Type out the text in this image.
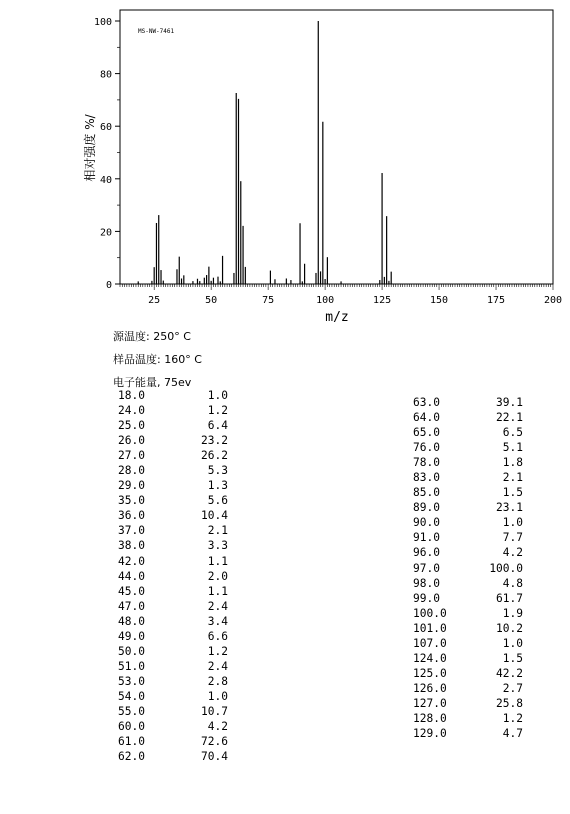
MS-NW-7461
25	50	75	100	125	150	175	200
0
20
40
60
80
100
m/z
相对强度 %/
源温度: 250° C
样品温度: 160° C
电子能量, 75ev
18.0	1.0
24.0	1.2
25.0	6.4
26.0	23.2
27.0	26.2
28.0	5.3
29.0	1.3
35.0	5.6
36.0	10.4
37.0	2.1
38.0	3.3
42.0	1.1
44.0	2.0
45.0	1.1
47.0	2.4
48.0	3.4
49.0	6.6
50.0	1.2
51.0	2.4
53.0	2.8
54.0	1.0
55.0	10.7
60.0	4.2
61.0	72.6
62.0	70.4
63.0	39.1
64.0	22.1
65.0	6.5
76.0	5.1
78.0	1.8
83.0	2.1
85.0	1.5
89.0	23.1
90.0	1.0
91.0	7.7
96.0	4.2
97.0	100.0
98.0	4.8
99.0	61.7
100.0	1.9
101.0	10.2
107.0	1.0
124.0	1.5
125.0	42.2
126.0	2.7
127.0	25.8
128.0	1.2
129.0	4.7
